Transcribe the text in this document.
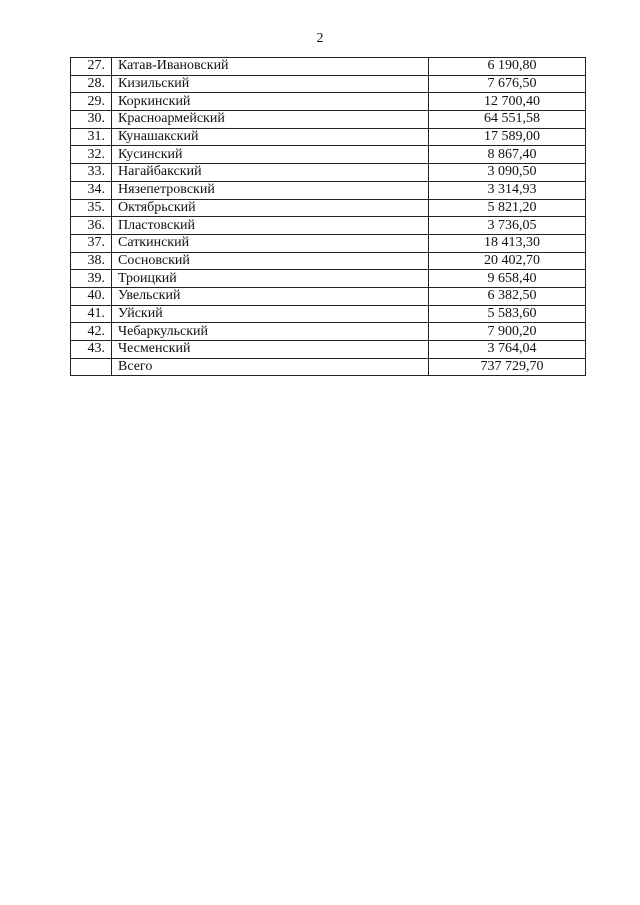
2
27.	Катав-Ивановский	6 190,80
28.	Кизильский	7 676,50
29.	Коркинский	12 700,40
30.	Красноармейский	64 551,58
31.	Кунашакский	17 589,00
32.	Кусинский	8 867,40
33.	Нагайбакский	3 090,50
34.	Нязепетровский	3 314,93
35.	Октябрьский	5 821,20
36.	Пластовский	3 736,05
37.	Саткинский	18 413,30
38.	Сосновский	20 402,70
39.	Троицкий	9 658,40
40.	Увельский	6 382,50
41.	Уйский	5 583,60
42.	Чебаркульский	7 900,20
43.	Чесменский	3 764,04
	Всего	737 729,70
